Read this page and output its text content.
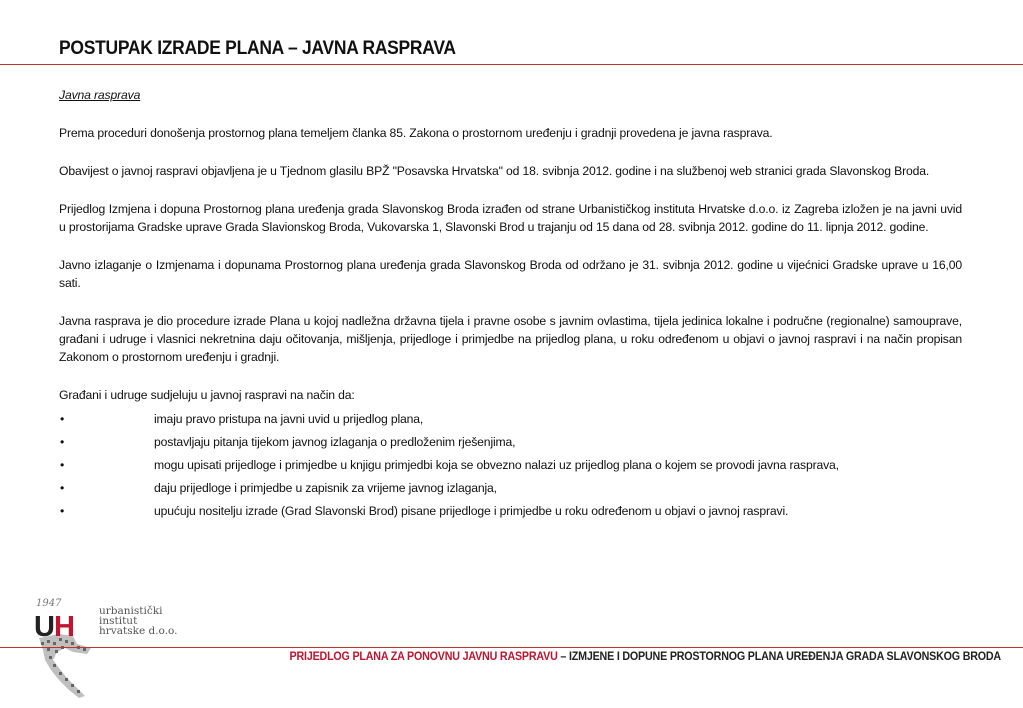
POSTUPAK IZRADE PLANA – JAVNA RASPRAVA

Javna rasprava

Prema proceduri donošenja prostornog plana temeljem članka 85. Zakona o prostornom uređenju i gradnji provedena je javna rasprava.

Obavijest o javnoj raspravi objavljena je u Tjednom glasilu BPŽ "Posavska Hrvatska" od 18. svibnja 2012. godine i na službenoj web stranici grada Slavonskog Broda.

Prijedlog Izmjena i dopuna Prostornog plana uređenja grada Slavonskog Broda izrađen od strane Urbanističkog instituta Hrvatske d.o.o. iz Zagreba izložen je na javni uvid u prostorijama Gradske uprave Grada Slavionskog Broda, Vukovarska 1, Slavonski Brod u trajanju od 15 dana od 28. svibnja 2012. godine do 11. lipnja 2012. godine.

Javno izlaganje o Izmjenama i dopunama Prostornog plana uređenja grada Slavonskog Broda od održano je 31. svibnja 2012. godine u vijećnici Gradske uprave u 16,00 sati.

Javna rasprava je dio procedure izrade Plana u kojoj nadležna državna tijela i pravne osobe s javnim ovlastima, tijela jedinica lokalne i područne (regionalne) samouprave, građani i udruge i vlasnici nekretnina daju očitovanja, mišljenja, prijedloge i primjedbe na prijedlog plana, u roku određenom u objavi o javnoj raspravi i na način propisan Zakonom o prostornom uređenju i gradnji.

Građani i udruge sudjeluju u javnoj raspravi na način da:

•	imaju pravo pristupa na javni uvid u prijedlog plana,
•	postavljaju pitanja tijekom javnog izlaganja o predloženim rješenjima,
•	mogu upisati prijedloge i primjedbe u knjigu primjedbi koja se obvezno nalazi uz prijedlog plana o kojem se provodi javna rasprava,
•	daju prijedloge i primjedbe u zapisnik za vrijeme javnog izlaganja,
•	upućuju nositelju izrade (Grad Slavonski Brod) pisane prijedloge i primjedbe u roku određenom u objavi o javnoj raspravi.
1947
UH urbanistički
institut
hrvatske d.o.o.
PRIJEDLOG PLANA ZA PONOVNU JAVNU RASPRAVU – IZMJENE I DOPUNE PROSTORNOG PLANA UREĐENJA GRADA SLAVONSKOG BRODA
